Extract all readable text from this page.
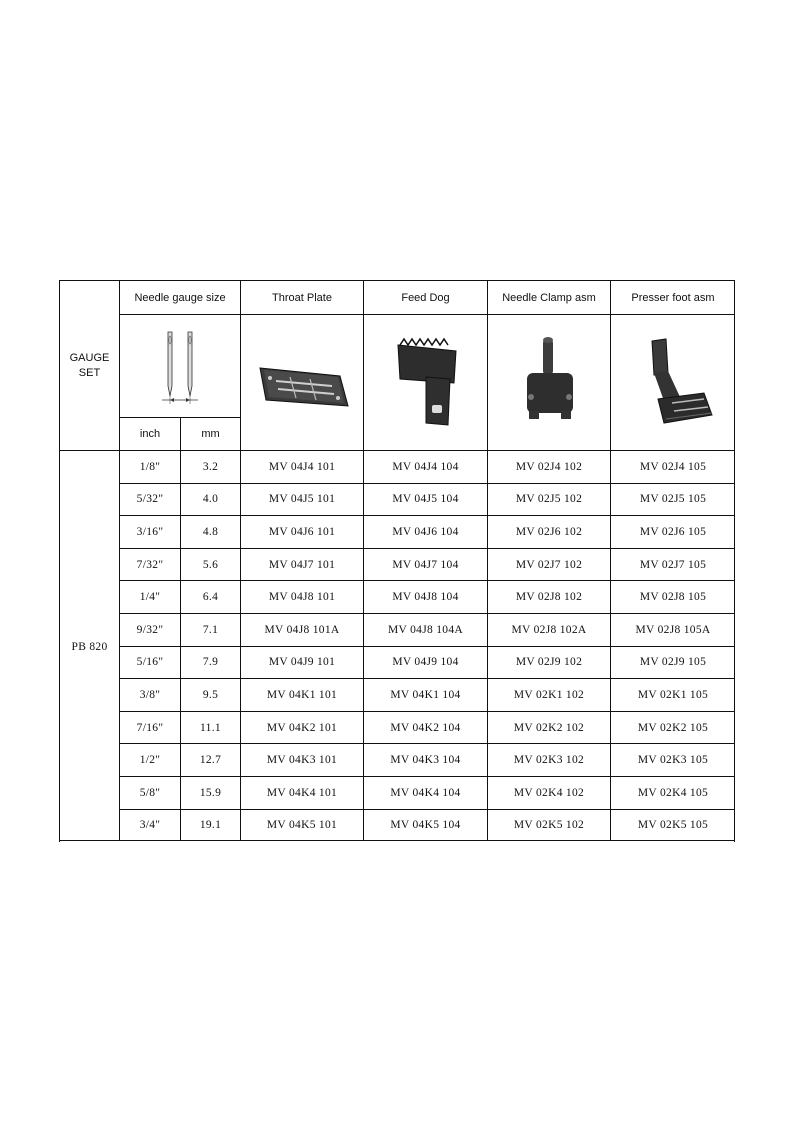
GAUGE SET
PB 820
Needle gauge size	Throat Plate	Feed Dog	Needle Clamp asm	Presser foot asm
inch	mm
1/8"	3.2	MV 04J4 101	MV 04J4 104	MV 02J4 102	MV 02J4 105
5/32"	4.0	MV 04J5 101	MV 04J5 104	MV 02J5 102	MV 02J5 105
3/16"	4.8	MV 04J6 101	MV 04J6 104	MV 02J6 102	MV 02J6 105
7/32"	5.6	MV 04J7 101	MV 04J7 104	MV 02J7 102	MV 02J7 105
1/4"	6.4	MV 04J8 101	MV 04J8 104	MV 02J8 102	MV 02J8 105
9/32"	7.1	MV 04J8 101A	MV 04J8 104A	MV 02J8 102A	MV 02J8 105A
5/16"	7.9	MV 04J9 101	MV 04J9 104	MV 02J9 102	MV 02J9 105
3/8"	9.5	MV 04K1 101	MV 04K1 104	MV 02K1 102	MV 02K1 105
7/16"	11.1	MV 04K2 101	MV 04K2 104	MV 02K2 102	MV 02K2 105
1/2"	12.7	MV 04K3 101	MV 04K3 104	MV 02K3 102	MV 02K3 105
5/8"	15.9	MV 04K4 101	MV 04K4 104	MV 02K4 102	MV 02K4 105
3/4"	19.1	MV 04K5 101	MV 04K5 104	MV 02K5 102	MV 02K5 105
